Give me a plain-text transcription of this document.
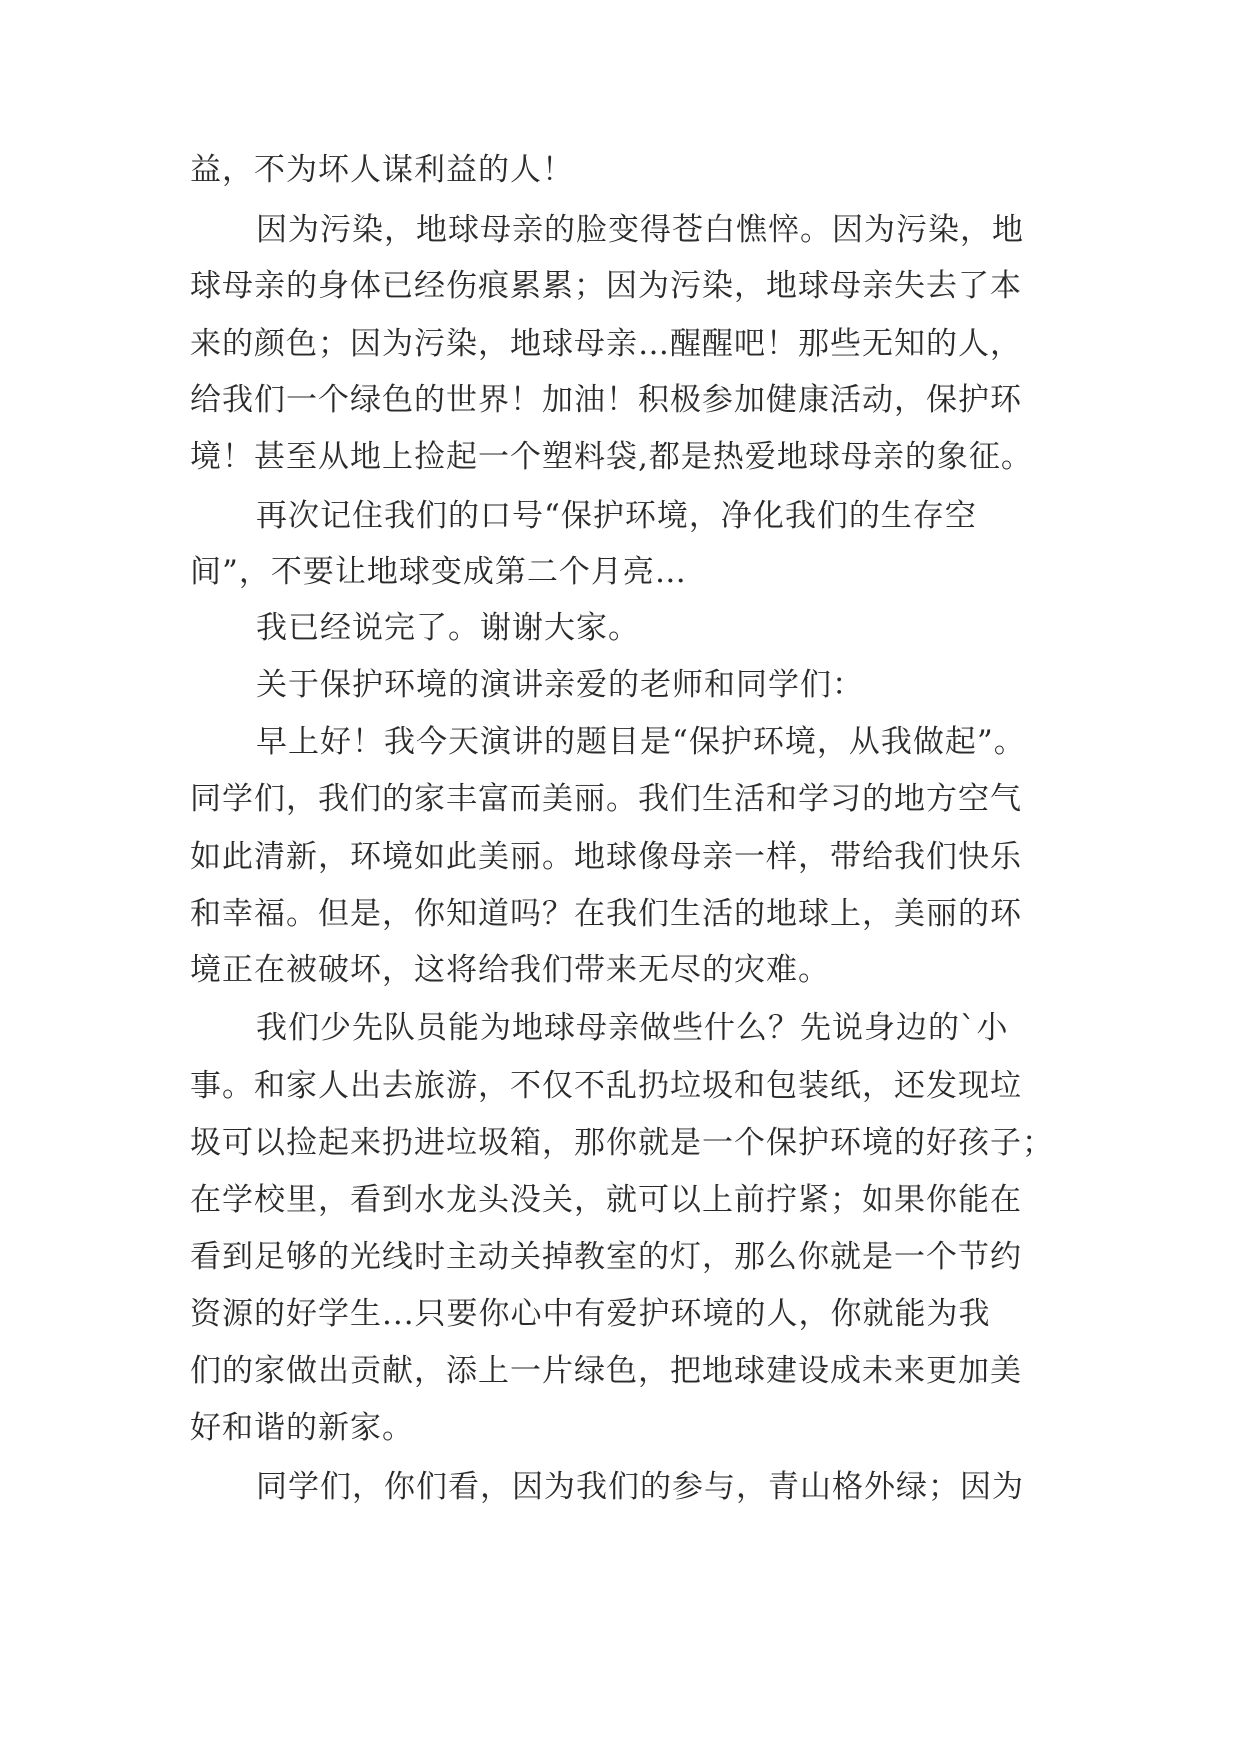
益，不为坏人谋利益的人！

因为污染，地球母亲的脸变得苍白憔悴。因为污染，地

球母亲的身体已经伤痕累累；因为污染，地球母亲失去了本

来的颜色；因为污染，地球母亲…醒醒吧！那些无知的人，

给我们一个绿色的世界！加油！积极参加健康活动，保护环

境！甚至从地上捡起一个塑料袋,都是热爱地球母亲的象征。

再次记住我们的口号“保护环境，净化我们的生存空

间”，不要让地球变成第二个月亮…

我已经说完了。谢谢大家。

关于保护环境的演讲亲爱的老师和同学们：

早上好！我今天演讲的题目是“保护环境，从我做起”。

同学们，我们的家丰富而美丽。我们生活和学习的地方空气

如此清新，环境如此美丽。地球像母亲一样，带给我们快乐

和幸福。但是，你知道吗？在我们生活的地球上，美丽的环

境正在被破坏，这将给我们带来无尽的灾难。

我们少先队员能为地球母亲做些什么？先说身边的`小

事。和家人出去旅游，不仅不乱扔垃圾和包装纸，还发现垃

圾可以捡起来扔进垃圾箱，那你就是一个保护环境的好孩子；

在学校里，看到水龙头没关，就可以上前拧紧；如果你能在

看到足够的光线时主动关掉教室的灯，那么你就是一个节约

资源的好学生...只要你心中有爱护环境的人，你就能为我

们的家做出贡献，添上一片绿色，把地球建设成未来更加美

好和谐的新家。

同学们，你们看，因为我们的参与，青山格外绿；因为
